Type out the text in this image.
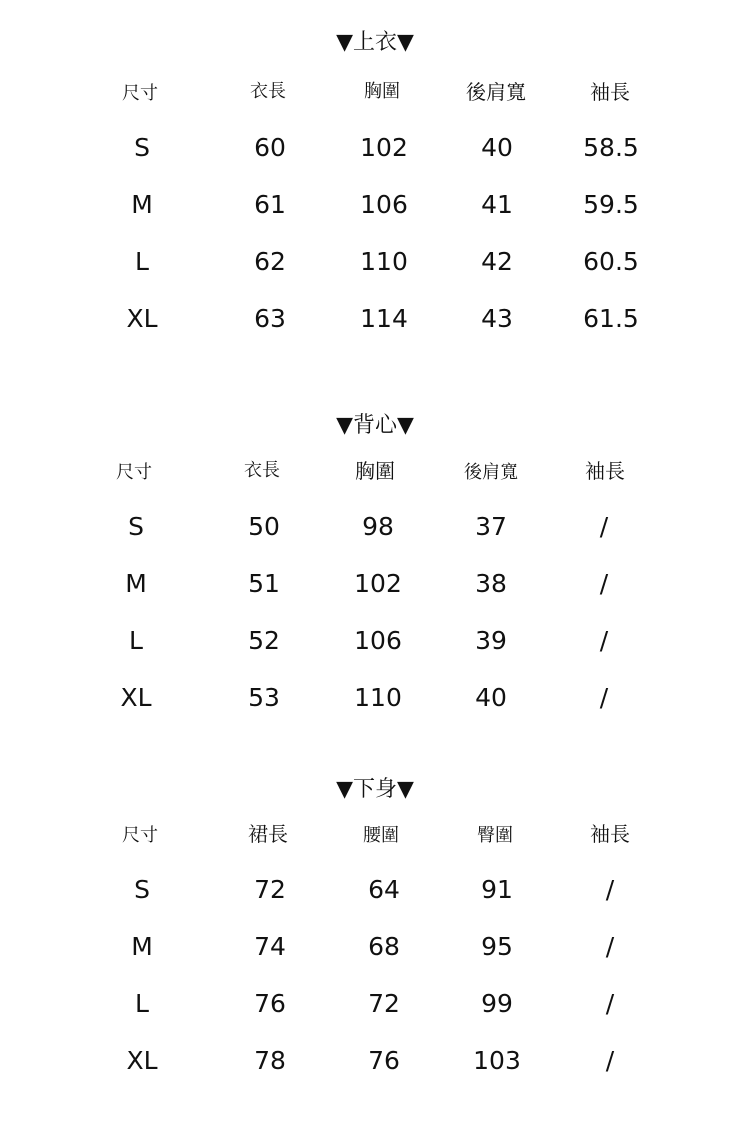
▼上衣▼
尺寸	衣長	胸圍	後肩寬	袖長
S	60	102	40	58.5
M	61	106	41	59.5
L	62	110	42	60.5
XL	63	114	43	61.5
▼背心▼
尺寸	衣長	胸圍	後肩寬	袖長
S	50	98	37	/
M	51	102	38	/
L	52	106	39	/
XL	53	110	40	/
▼下身▼
尺寸	裙長	腰圍	臀圍	袖長
S	72	64	91	/
M	74	68	95	/
L	76	72	99	/
XL	78	76	103	/
